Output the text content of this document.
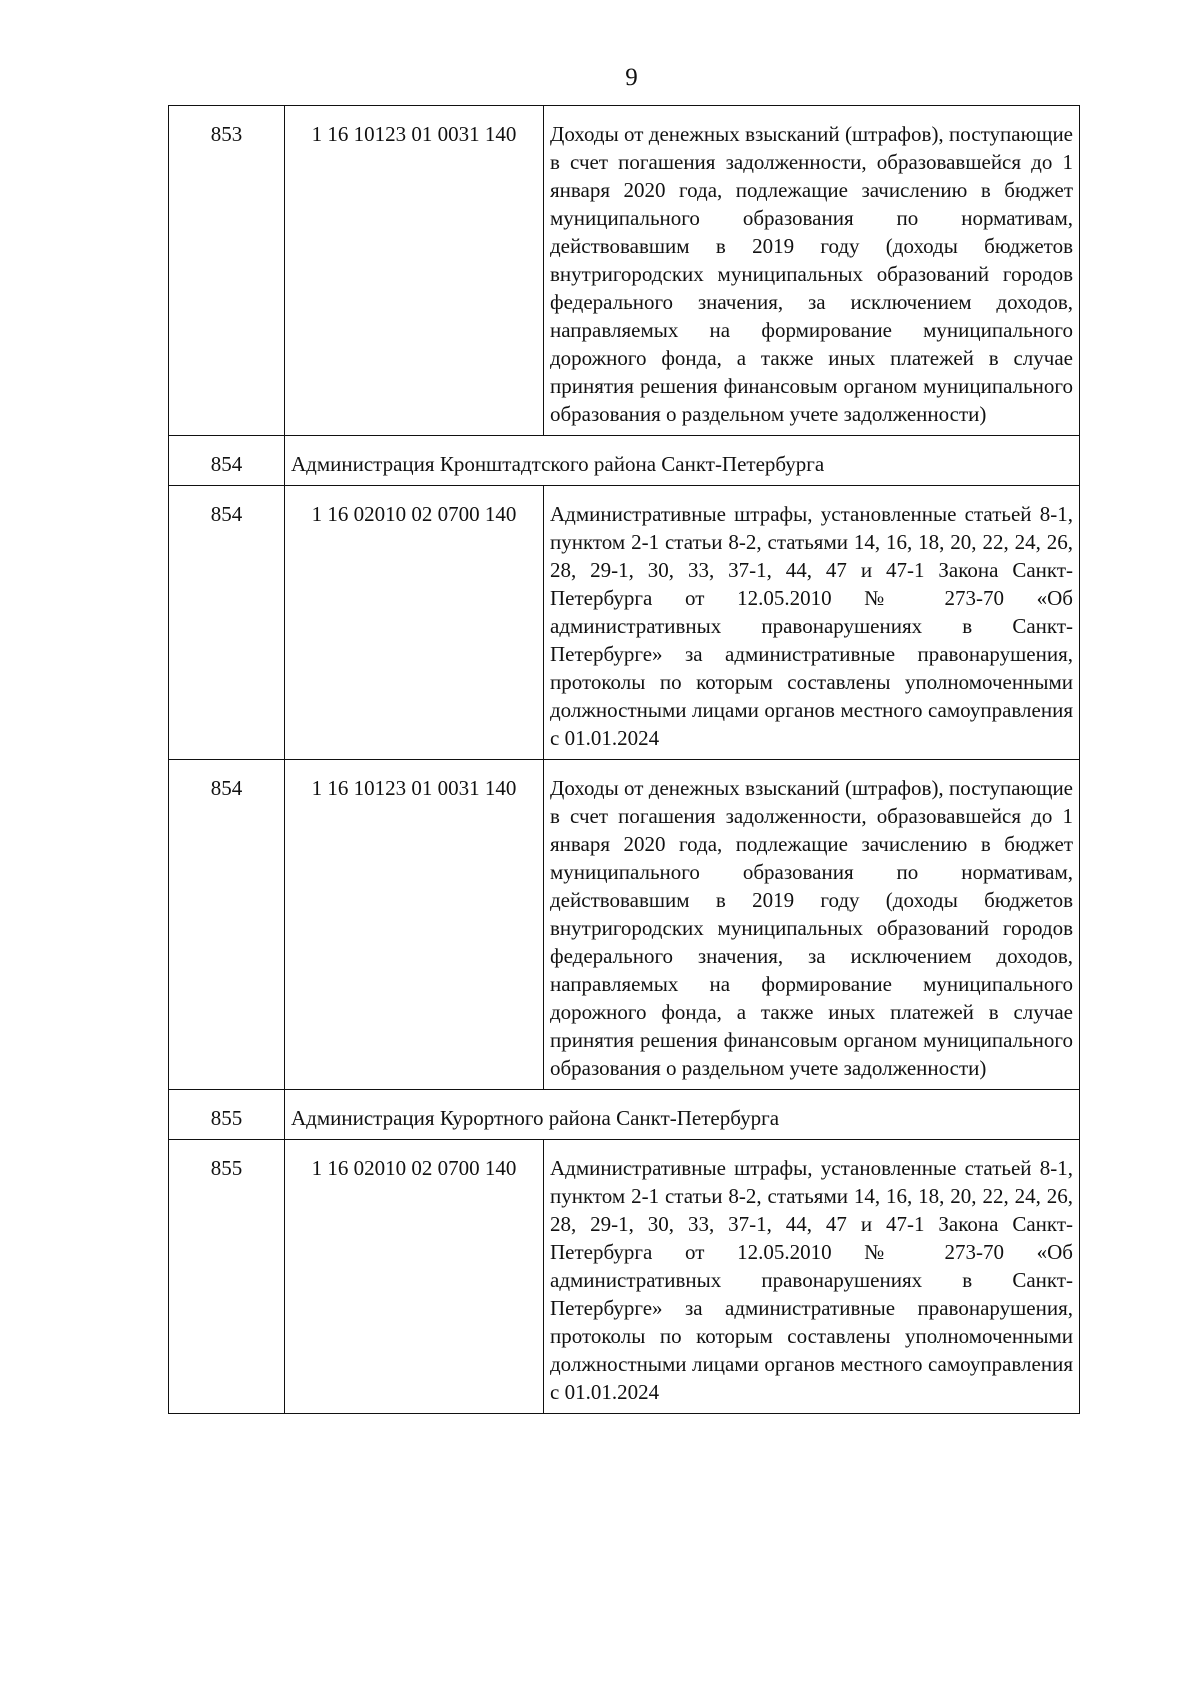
9
853	1 16 10123 01 0031 140	Доходы от денежных взысканий (штрафов), поступающие в счет погашения задолженности, образовавшейся до 1 января 2020 года, подлежащие зачислению в бюджет муниципального образования по нормативам, действовавшим в 2019 году (доходы бюджетов внутригородских муниципальных образований городов федерального значения, за исключением доходов, направляемых на формирование муниципального дорожного фонда, а также иных платежей в случае принятия решения финансовым органом муниципального образования о раздельном учете задолженности)
854	Администрация Кронштадтского района Санкт-Петербурга	
854	1 16 02010 02 0700 140	Административные штрафы, установленные статьей 8-1, пунктом 2-1 статьи 8-2, статьями 14, 16, 18, 20, 22, 24, 26, 28, 29-1, 30, 33, 37-1, 44, 47 и 47-1 Закона Санкт-Петербурга от 12.05.2010 № 273-70 «Об административных правонарушениях в Санкт-Петербурге» за административные правонарушения, протоколы по которым составлены уполномоченными должностными лицами органов местного самоуправления с 01.01.2024
854	1 16 10123 01 0031 140	Доходы от денежных взысканий (штрафов), поступающие в счет погашения задолженности, образовавшейся до 1 января 2020 года, подлежащие зачислению в бюджет муниципального образования по нормативам, действовавшим в 2019 году (доходы бюджетов внутригородских муниципальных образований городов федерального значения, за исключением доходов, направляемых на формирование муниципального дорожного фонда, а также иных платежей в случае принятия решения финансовым органом муниципального образования о раздельном учете задолженности)
855	Администрация Курортного района Санкт-Петербурга	
855	1 16 02010 02 0700 140	Административные штрафы, установленные статьей 8-1, пунктом 2-1 статьи 8-2, статьями 14, 16, 18, 20, 22, 24, 26, 28, 29-1, 30, 33, 37-1, 44, 47 и 47-1 Закона Санкт-Петербурга от 12.05.2010 № 273-70 «Об административных правонарушениях в Санкт-Петербурге» за административные правонарушения, протоколы по которым составлены уполномоченными должностными лицами органов местного самоуправления с 01.01.2024
